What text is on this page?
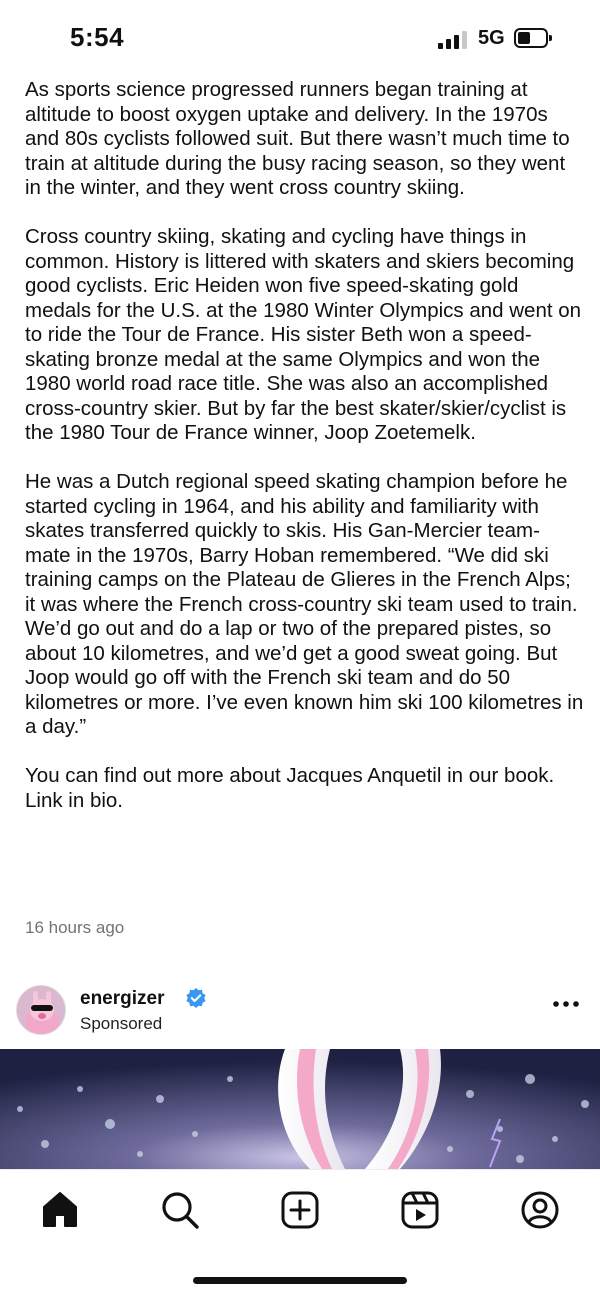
5:54	5G

As sports science progressed runners began training at altitude to boost oxygen uptake and delivery. In the 1970s and 80s cyclists followed suit. But there wasn’t much time to train at altitude during the busy racing season, so they went in the winter, and they went cross country skiing.

Cross country skiing, skating and cycling have things in common. History is littered with skaters and skiers becoming good cyclists. Eric Heiden won five speed-skating gold medals for the U.S. at the 1980 Winter Olympics and went on to ride the Tour de France. His sister Beth won a speed-skating bronze medal at the same Olympics and won the 1980 world road race title. She was also an accomplished cross-country skier. But by far the best skater/skier/cyclist is the 1980 Tour de France winner, Joop Zoetemelk.

He was a Dutch regional speed skating champion before he started cycling in 1964, and his ability and familiarity with skates transferred quickly to skis. His Gan-Mercier team-mate in the 1970s, Barry Hoban remembered. “We did ski training camps on the Plateau de Glieres in the French Alps; it was where the French cross-country ski team used to train. We’d go out and do a lap or two of the prepared pistes, so about 10 kilometres, and we’d get a good sweat going. But Joop would go off with the French ski team and do 50 kilometres or more. I’ve even known him ski 100 kilometres in a day.”

You can find out more about Jacques Anquetil in our book. Link in bio.

16 hours ago
energizer
Sponsored
